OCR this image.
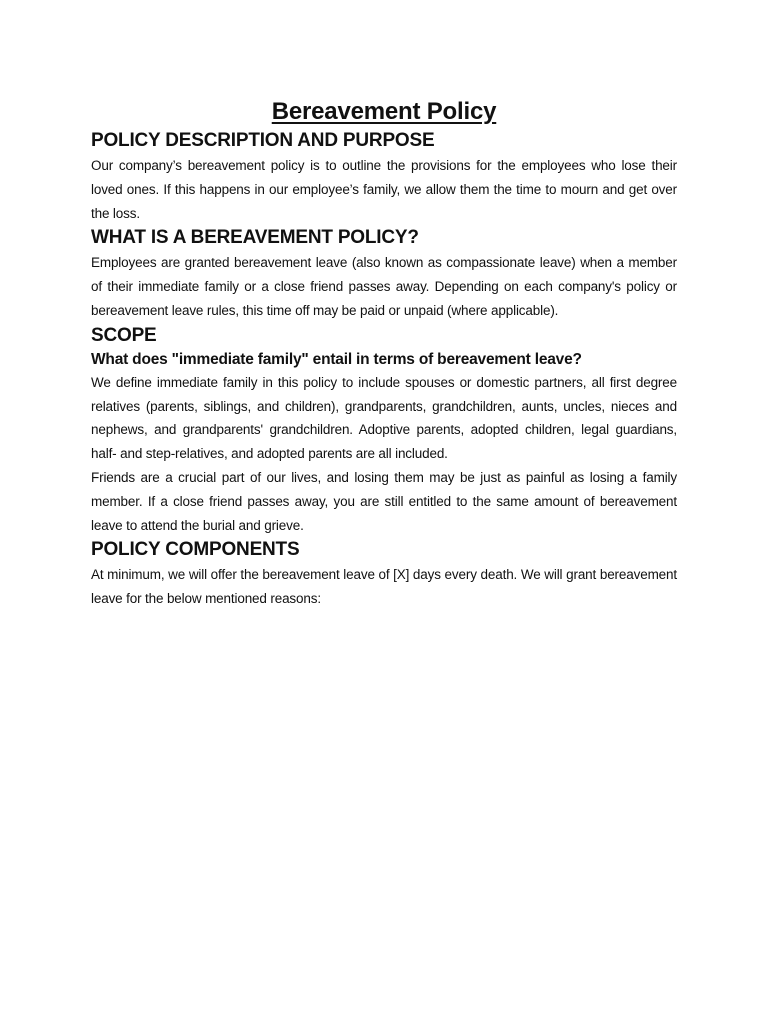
Bereavement Policy
POLICY DESCRIPTION AND PURPOSE

Our company’s bereavement policy is to outline the provisions for the employees who lose their loved ones. If this happens in our employee’s family, we allow them the time to mourn and get over the loss.

WHAT IS A BEREAVEMENT POLICY?

Employees are granted bereavement leave (also known as compassionate leave) when a member of their immediate family or a close friend passes away. Depending on each company's policy or bereavement leave rules, this time off may be paid or unpaid (where applicable).

SCOPE
What does "immediate family" entail in terms of bereavement leave?

We define immediate family in this policy to include spouses or domestic partners, all first degree relatives (parents, siblings, and children), grandparents, grandchildren, aunts, uncles, nieces and nephews, and grandparents' grandchildren. Adoptive parents, adopted children, legal guardians, half- and step-relatives, and adopted parents are all included.

Friends are a crucial part of our lives, and losing them may be just as painful as losing a family member. If a close friend passes away, you are still entitled to the same amount of bereavement leave to attend the burial and grieve.

POLICY COMPONENTS

At minimum, we will offer the bereavement leave of [X] days every death. We will grant bereavement leave for the below mentioned reasons:
